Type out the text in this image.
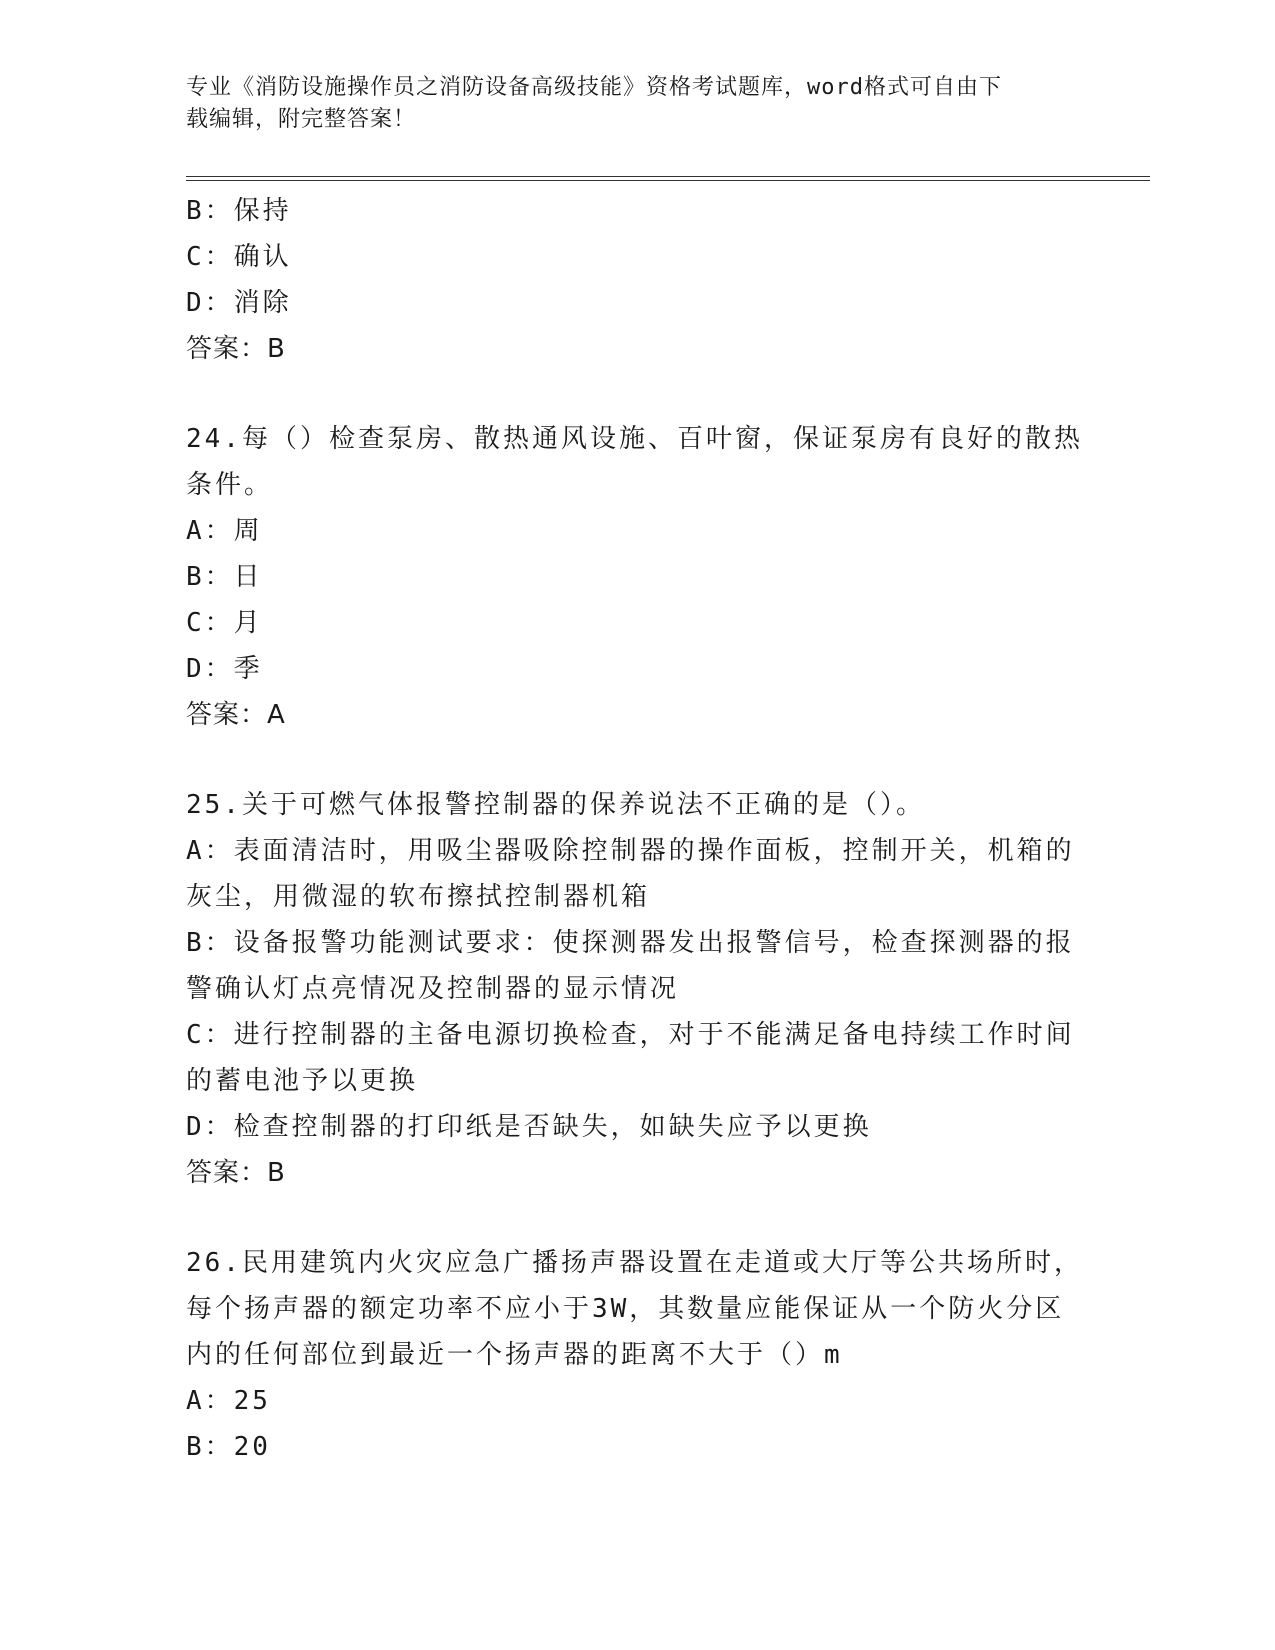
专业《消防设施操作员之消防设备高级技能》资格考试题库，word格式可自由下
载编辑，附完整答案！
B：保持
C：确认
D：消除
答案：B
24.每（）检查泵房、散热通风设施、百叶窗，保证泵房有良好的散热
条件。
A：周
B：日
C：月
D：季
答案：A
25.关于可燃气体报警控制器的保养说法不正确的是（）。
A：表面清洁时，用吸尘器吸除控制器的操作面板，控制开关，机箱的
灰尘，用微湿的软布擦拭控制器机箱
B：设备报警功能测试要求：使探测器发出报警信号，检查探测器的报
警确认灯点亮情况及控制器的显示情况
C：进行控制器的主备电源切换检查，对于不能满足备电持续工作时间
的蓄电池予以更换
D：检查控制器的打印纸是否缺失，如缺失应予以更换
答案：B
26.民用建筑内火灾应急广播扬声器设置在走道或大厅等公共场所时，
每个扬声器的额定功率不应小于3W，其数量应能保证从一个防火分区
内的任何部位到最近一个扬声器的距离不大于（）m
A：25
B：20
